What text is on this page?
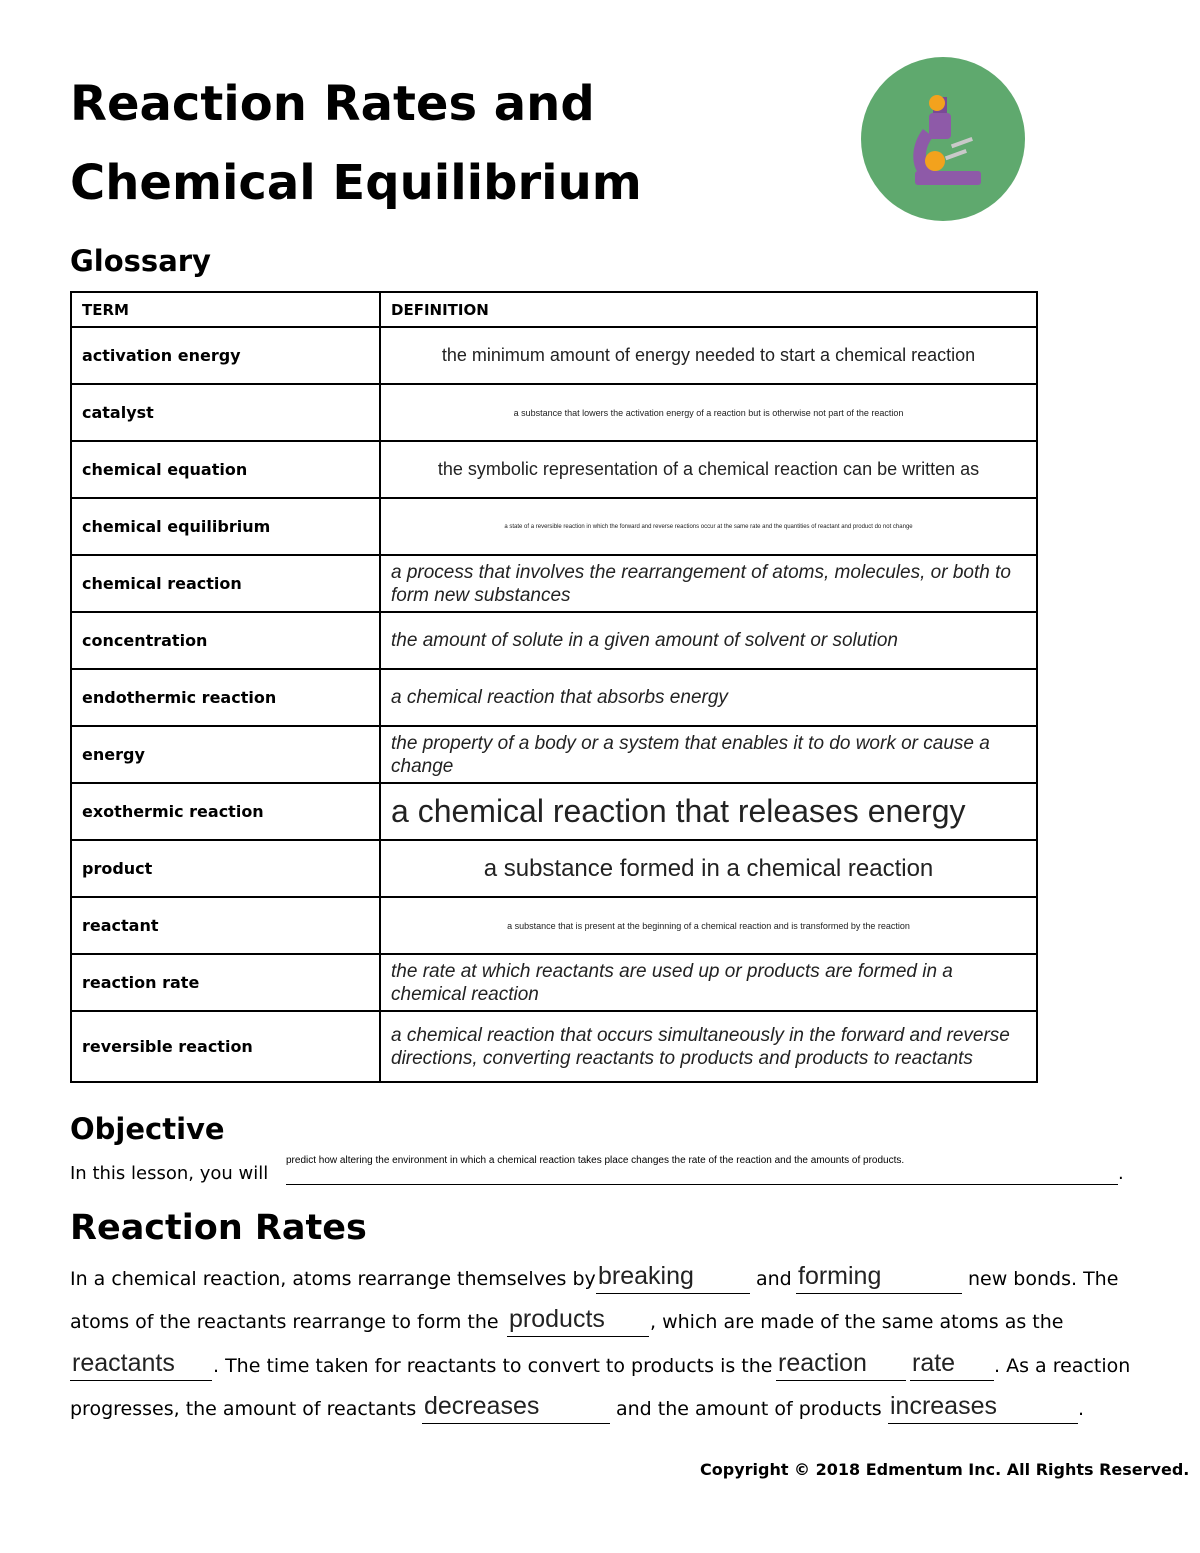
Reaction Rates and
Chemical Equilibrium
Glossary
TERM	DEFINITION
activation energy	the minimum amount of energy needed to start a chemical reaction
catalyst	a substance that lowers the activation energy of a reaction but is otherwise not part of the reaction
chemical equation	the symbolic representation of a chemical reaction can be written as
chemical equilibrium	a state of a reversible reaction in which the forward and reverse reactions occur at the same rate and the quantities of reactant and product do not change
chemical reaction	a process that involves the rearrangement of atoms, molecules, or both to form new substances
concentration	the amount of solute in a given amount of solvent or solution
endothermic reaction	a chemical reaction that absorbs energy
energy	the property of a body or a system that enables it to do work or cause a change
exothermic reaction	a chemical reaction that releases energy
product	a substance formed in a chemical reaction
reactant	a substance that is present at the beginning of a chemical reaction and is transformed by the reaction
reaction rate	the rate at which reactants are used up or products are formed in a chemical reaction
reversible reaction	a chemical reaction that occurs simultaneously in the forward and reverse directions, converting reactants to products and products to reactants
Objective
In this lesson, you will
predict how altering the environment in which a chemical reaction takes place changes the rate of the reaction and the amounts of products.
.
Reaction Rates
In a chemical reaction, atoms rearrange themselves by breaking	and forming	new bonds. The
atoms of the reactants rearrange to form the products , which are made of the same atoms as the
reactants . The time taken for reactants to convert to products is the reaction rate . As a reaction
progresses, the amount of reactants decreases	and the amount of products increases	.
Copyright © 2018 Edmentum Inc. All Rights Reserved.
